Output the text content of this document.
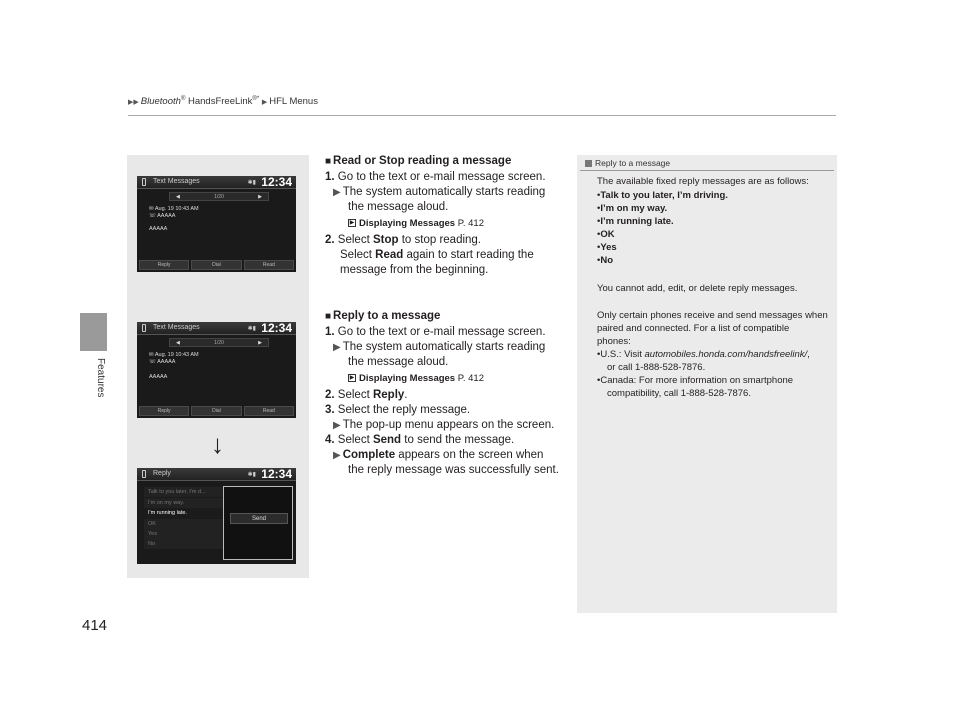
▶▶ Bluetooth® HandsFreeLink®* ▶ HFL Menus
Features
414
Text Messages	✱▮ 12:34
◀	1/20	▶
✉ Aug. 19 10:43 AM
☏ AAAAA
AAAAA
Reply	Dial	Read
Text Messages	✱▮ 12:34
◀	1/20	▶
✉ Aug. 19 10:43 AM
☏ AAAAA
AAAAA
Reply	Dial	Read
↓
Reply	✱▮ 12:34
Talk to you later, I'm d...
I'm on my way.
I'm running late.
OK
Yes
No
Send
■ Read or Stop reading a message
1. Go to the text or e-mail message screen.
▶ The system automatically starts reading
the message aloud.
▶ Displaying Messages P. 412
2. Select Stop to stop reading.
Select Read again to start reading the
message from the beginning.
■ Reply to a message
1. Go to the text or e-mail message screen.
▶ The system automatically starts reading
the message aloud.
▶ Displaying Messages P. 412
2. Select Reply.
3. Select the reply message.
▶ The pop-up menu appears on the screen.
4. Select Send to send the message.
▶ Complete appears on the screen when
the reply message was successfully sent.
Reply to a message
The available fixed reply messages are as follows:
•Talk to you later, I’m driving.
•I’m on my way.
•I’m running late.
•OK
•Yes
•No
You cannot add, edit, or delete reply messages.
Only certain phones receive and send messages when
paired and connected. For a list of compatible
phones:
•U.S.: Visit automobiles.honda.com/handsfreelink/,
or call 1-888-528-7876.
•Canada: For more information on smartphone
compatibility, call 1-888-528-7876.
